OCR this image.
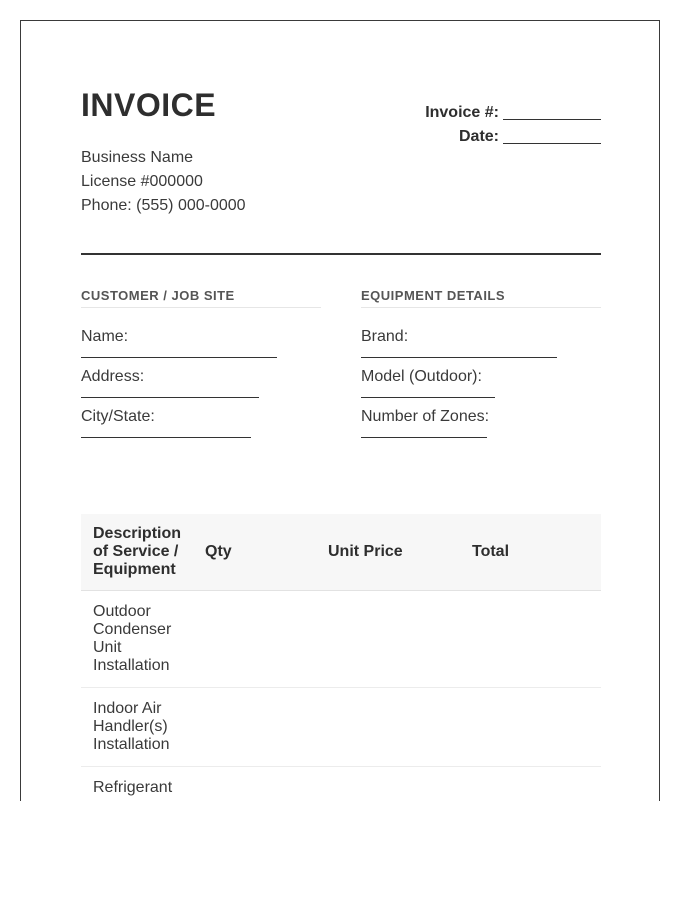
INVOICE	Invoice #:
Date:
Business Name
License #000000
Phone: (555) 000-0000
CUSTOMER / JOB SITE
Name:
Address:
City/State:
EQUIPMENT DETAILS
Brand:
Model (Outdoor):
Number of Zones:
Description of Service / Equipment	Qty	Unit Price	Total
Outdoor Condenser Unit Installation			
Indoor Air Handler(s) Installation			
Refrigerant			
